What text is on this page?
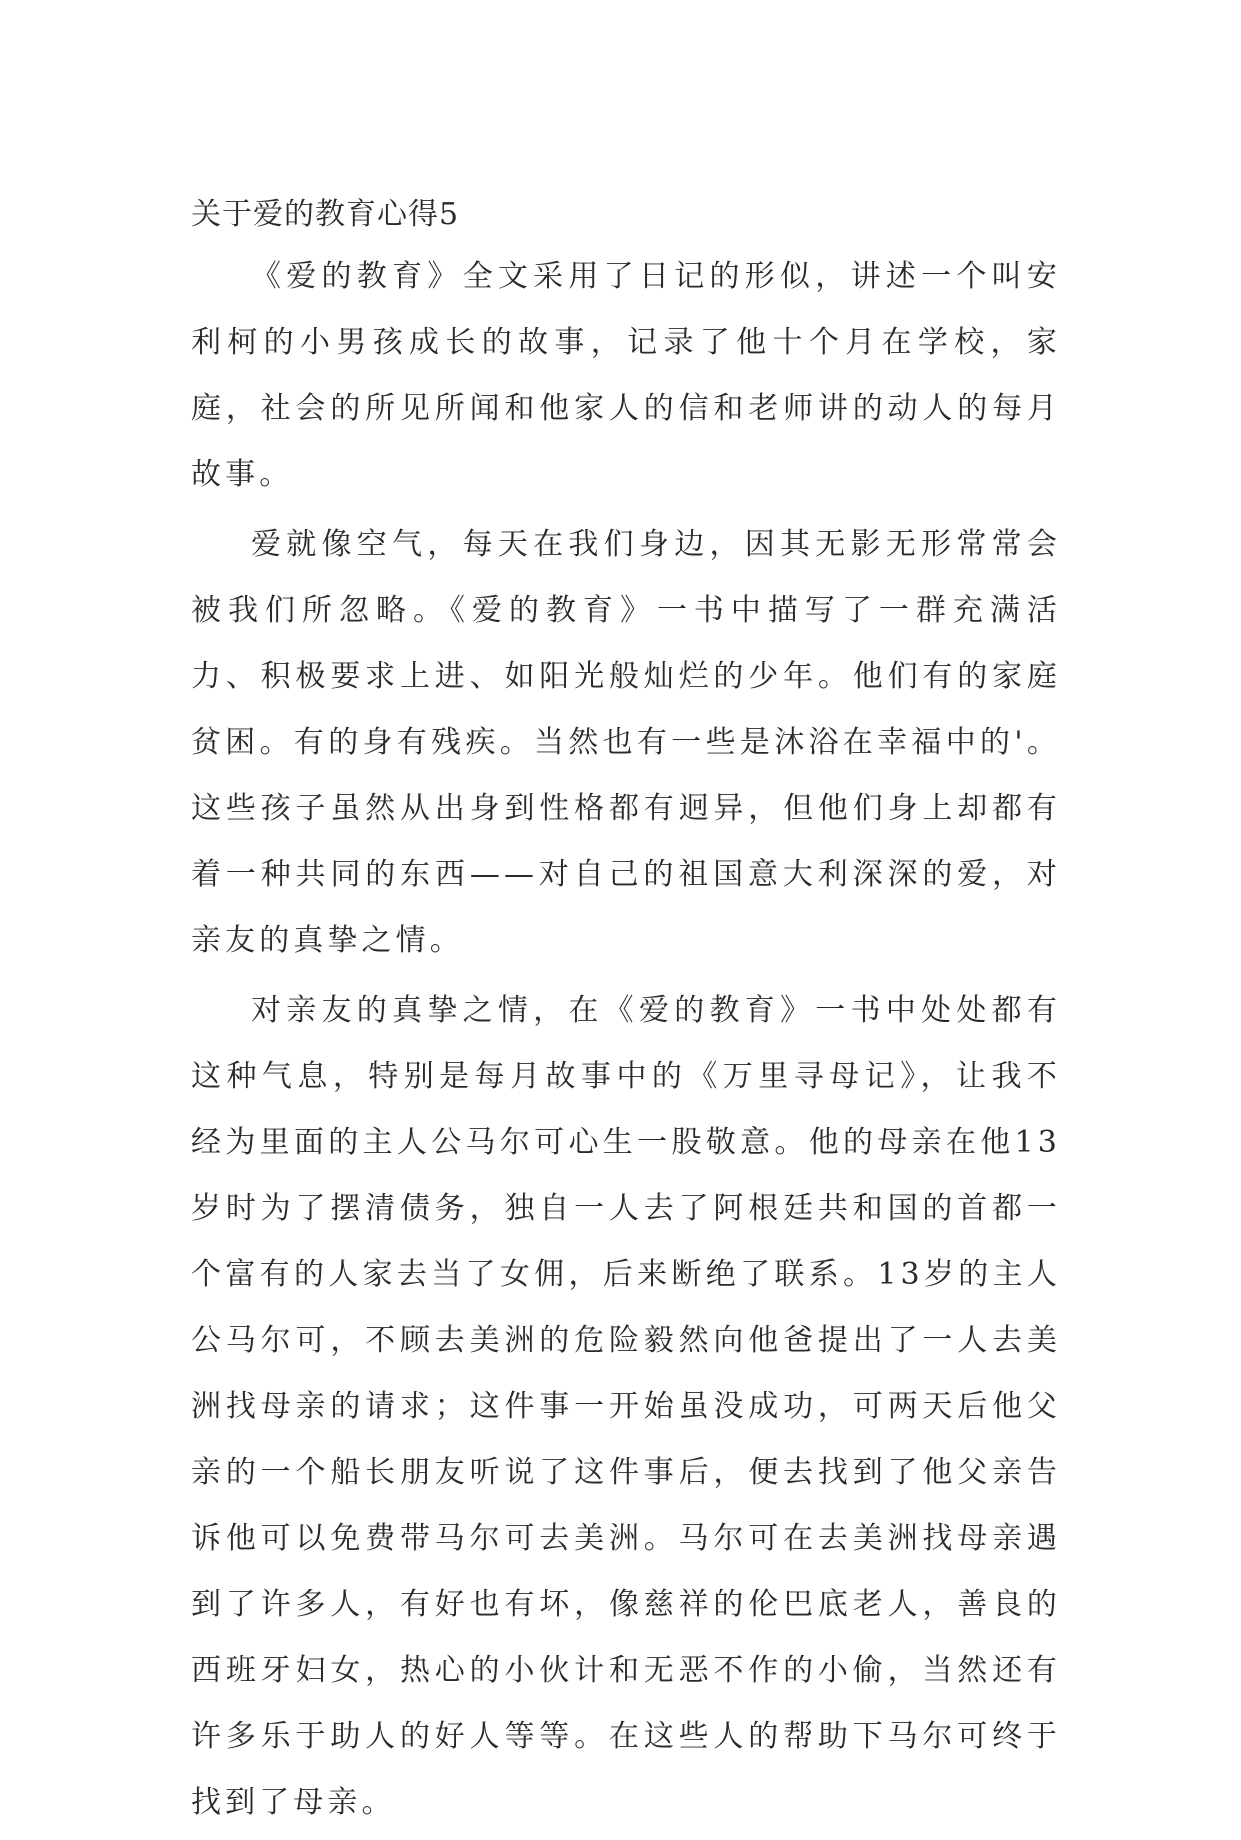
关于爱的教育心得5

《爱的教育》全文采用了日记的形似，讲述一个叫安利柯的小男孩成长的故事，记录了他十个月在学校，家庭，社会的所见所闻和他家人的信和老师讲的动人的每月故事。

爱就像空气，每天在我们身边，因其无影无形常常会被我们所忽略。《爱的教育》一书中描写了一群充满活力、积极要求上进、如阳光般灿烂的少年。他们有的家庭贫困。有的身有残疾。当然也有一些是沐浴在幸福中的'。这些孩子虽然从出身到性格都有迥异，但他们身上却都有着一种共同的东西——对自己的祖国意大利深深的爱，对亲友的真挚之情。

对亲友的真挚之情，在《爱的教育》一书中处处都有这种气息，特别是每月故事中的《万里寻母记》，让我不经为里面的主人公马尔可心生一股敬意。他的母亲在他13岁时为了摆清债务，独自一人去了阿根廷共和国的首都一个富有的人家去当了女佣，后来断绝了联系。13岁的主人公马尔可，不顾去美洲的危险毅然向他爸提出了一人去美洲找母亲的请求；这件事一开始虽没成功，可两天后他父亲的一个船长朋友听说了这件事后，便去找到了他父亲告诉他可以免费带马尔可去美洲。马尔可在去美洲找母亲遇到了许多人，有好也有坏，像慈祥的伦巴底老人，善良的西班牙妇女，热心的小伙计和无恶不作的小偷，当然还有许多乐于助人的好人等等。在这些人的帮助下马尔可终于找到了母亲。
